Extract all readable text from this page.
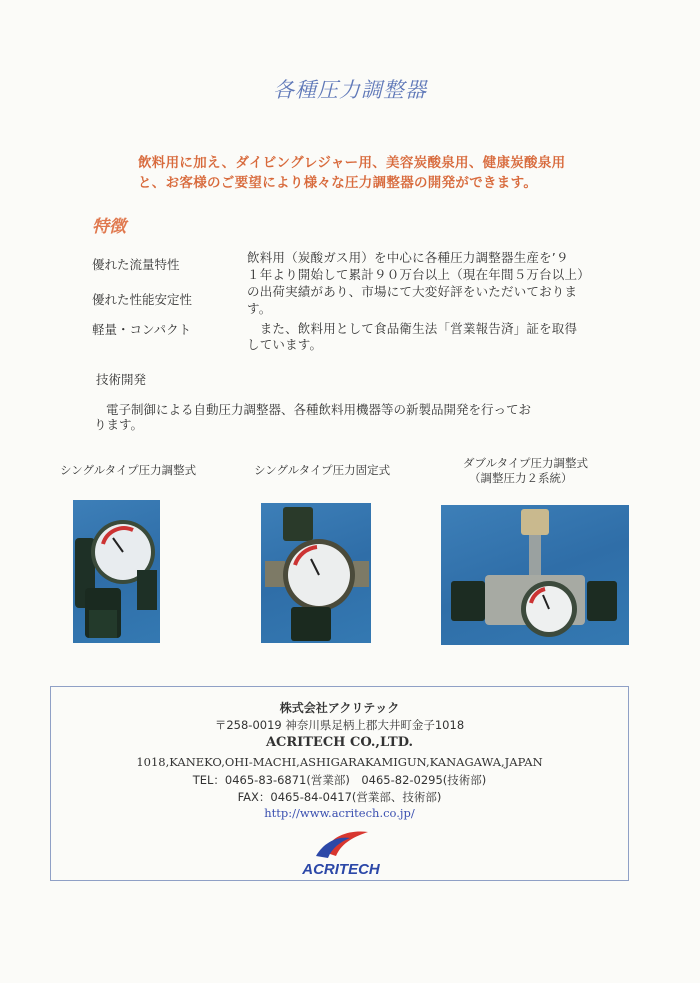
各種圧力調整器
飲料用に加え、ダイビングレジャー用、美容炭酸泉用、健康炭酸泉用
と、お客様のご要望により様々な圧力調整器の開発ができます。
特徴
優れた流量特性
優れた性能安定性
軽量・コンパクト
飲料用（炭酸ガス用）を中心に各種圧力調整器生産を’９
１年より開始して累計９０万台以上（現在年間５万台以上）
の出荷実績があり、市場にて大変好評をいただいておりま
す。
　また、飲料用として食品衛生法「営業報告済」証を取得
しています。
技術開発
電子制御による自動圧力調整器、各種飲料用機器等の新製品開発を行ってお
ります。
シングルタイプ圧力調整式	シングルタイプ圧力固定式	ダブルタイプ圧力調整式
（調整圧力２系統）
株式会社アクリテック
〒258-0019 神奈川県足柄上郡大井町金子1018
ACRITECH CO.,LTD.
1018,KANEKO,OHI-MACHI,ASHIGARAKAMIGUN,KANAGAWA,JAPAN
TEL：0465-83-6871(営業部)　0465-82-0295(技術部)
FAX：0465-84-0417(営業部、技術部)
http://www.acritech.co.jp/
ACRITECH
